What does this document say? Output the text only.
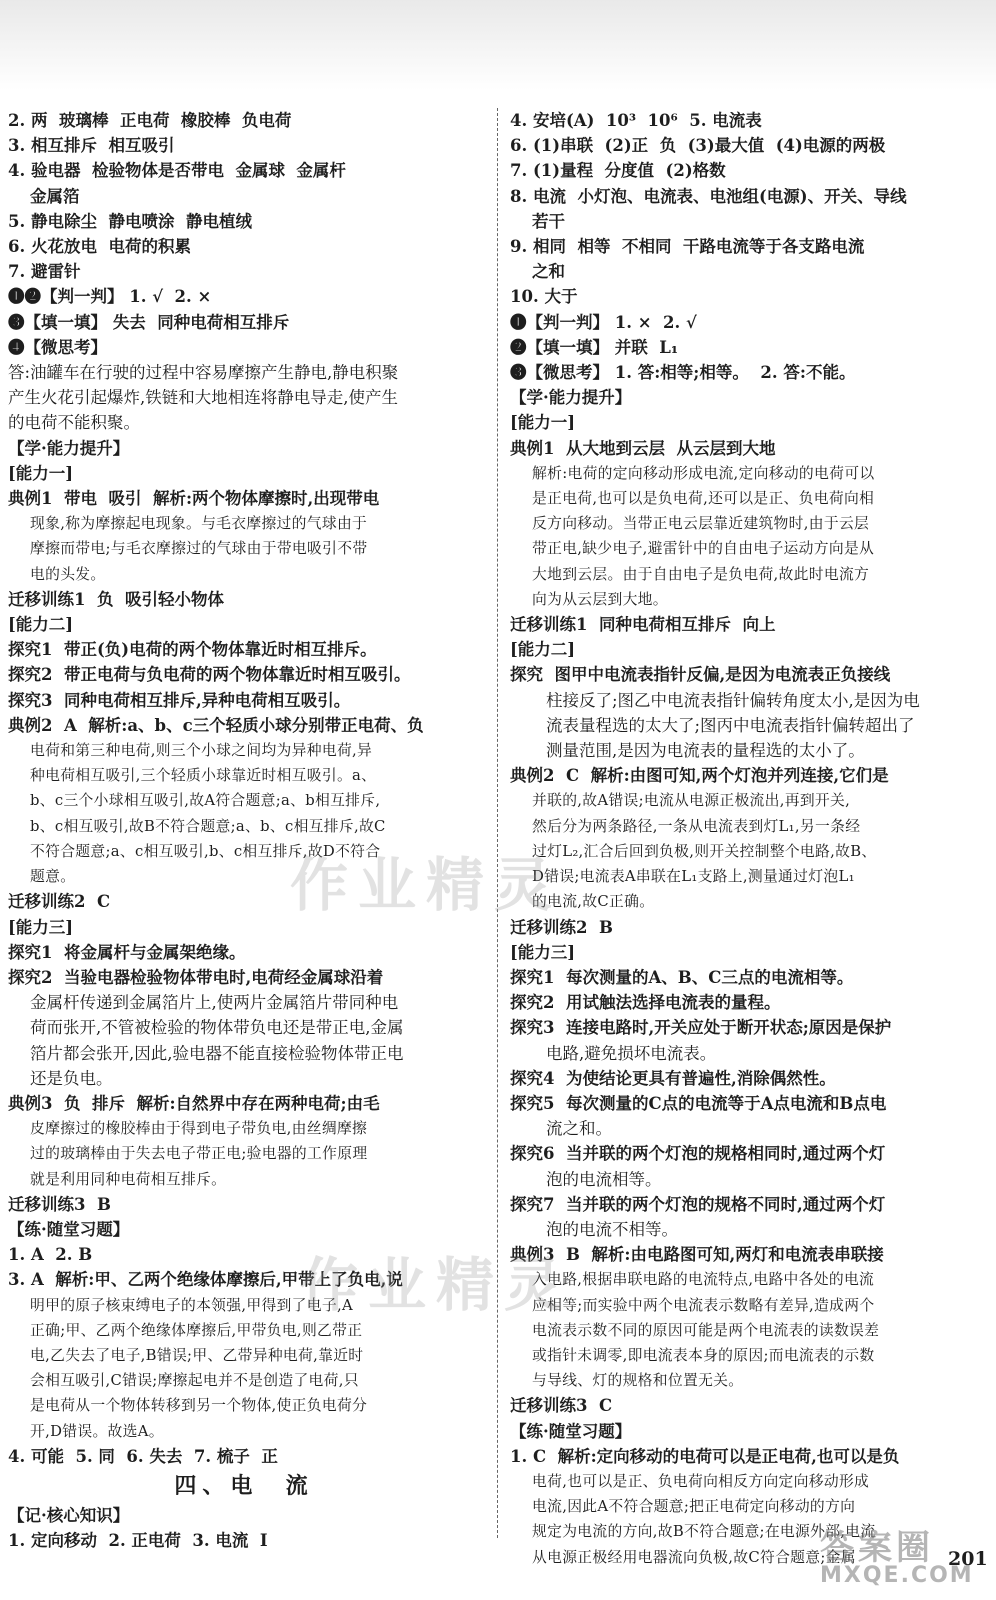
2. 两  玻璃棒  正电荷  橡胶棒  负电荷
3. 相互排斥  相互吸引
4. 验电器  检验物体是否带电  金属球  金属杆
金属箔
5. 静电除尘  静电喷涂  静电植绒
6. 火花放电  电荷的积累
7. 避雷针
❶❷【判一判】 1. √  2. ×
❸【填一填】 失去  同种电荷相互排斥
❹【微思考】
答:油罐车在行驶的过程中容易摩擦产生静电,静电积聚
产生火花引起爆炸,铁链和大地相连将静电导走,使产生
的电荷不能积聚。
【学·能力提升】
[能力一]
典例1  带电  吸引  解析:两个物体摩擦时,出现带电
现象,称为摩擦起电现象。与毛衣摩擦过的气球由于
摩擦而带电;与毛衣摩擦过的气球由于带电吸引不带
电的头发。
迁移训练1  负  吸引轻小物体
[能力二]
探究1  带正(负)电荷的两个物体靠近时相互排斥。
探究2  带正电荷与负电荷的两个物体靠近时相互吸引。
探究3  同种电荷相互排斥,异种电荷相互吸引。
典例2  A  解析:a、b、c三个轻质小球分别带正电荷、负
电荷和第三种电荷,则三个小球之间均为异种电荷,异
种电荷相互吸引,三个轻质小球靠近时相互吸引。a、
b、c三个小球相互吸引,故A符合题意;a、b相互排斥,
b、c相互吸引,故B不符合题意;a、b、c相互排斥,故C
不符合题意;a、c相互吸引,b、c相互排斥,故D不符合
题意。
迁移训练2  C
[能力三]
探究1  将金属杆与金属架绝缘。
探究2  当验电器检验物体带电时,电荷经金属球沿着
金属杆传递到金属箔片上,使两片金属箔片带同种电
荷而张开,不管被检验的物体带负电还是带正电,金属
箔片都会张开,因此,验电器不能直接检验物体带正电
还是负电。
典例3  负  排斥  解析:自然界中存在两种电荷;由毛
皮摩擦过的橡胶棒由于得到电子带负电,由丝绸摩擦
过的玻璃棒由于失去电子带正电;验电器的工作原理
就是利用同种电荷相互排斥。
迁移训练3  B
【练·随堂习题】
1. A  2. B
3. A  解析:甲、乙两个绝缘体摩擦后,甲带上了负电,说
明甲的原子核束缚电子的本领强,甲得到了电子,A
正确;甲、乙两个绝缘体摩擦后,甲带负电,则乙带正
电,乙失去了电子,B错误;甲、乙带异种电荷,靠近时
会相互吸引,C错误;摩擦起电并不是创造了电荷,只
是电荷从一个物体转移到另一个物体,使正负电荷分
开,D错误。故选A。
4. 可能  5. 同  6. 失去  7. 梳子  正
四、电  流
【记·核心知识】
1. 定向移动  2. 正电荷  3. 电流  I
4. 安培(A)  10³  10⁶  5. 电流表
6. (1)串联  (2)正  负  (3)最大值  (4)电源的两极
7. (1)量程  分度值  (2)格数
8. 电流  小灯泡、电流表、电池组(电源)、开关、导线
若干
9. 相同  相等  不相同  干路电流等于各支路电流
之和
10. 大于
❶【判一判】 1. ×  2. √
❷【填一填】 并联  L₁
❸【微思考】 1. 答:相等;相等。  2. 答:不能。
【学·能力提升】
[能力一]
典例1  从大地到云层  从云层到大地
解析:电荷的定向移动形成电流,定向移动的电荷可以
是正电荷,也可以是负电荷,还可以是正、负电荷向相
反方向移动。当带正电云层靠近建筑物时,由于云层
带正电,缺少电子,避雷针中的自由电子运动方向是从
大地到云层。由于自由电子是负电荷,故此时电流方
向为从云层到大地。
迁移训练1  同种电荷相互排斥  向上
[能力二]
探究  图甲中电流表指针反偏,是因为电流表正负接线
柱接反了;图乙中电流表指针偏转角度太小,是因为电
流表量程选的太大了;图丙中电流表指针偏转超出了
测量范围,是因为电流表的量程选的太小了。
典例2  C  解析:由图可知,两个灯泡并列连接,它们是
并联的,故A错误;电流从电源正极流出,再到开关,
然后分为两条路径,一条从电流表到灯L₁,另一条经
过灯L₂,汇合后回到负极,则开关控制整个电路,故B、
D错误;电流表A串联在L₁支路上,测量通过灯泡L₁
的电流,故C正确。
迁移训练2  B
[能力三]
探究1  每次测量的A、B、C三点的电流相等。
探究2  用试触法选择电流表的量程。
探究3  连接电路时,开关应处于断开状态;原因是保护
电路,避免损坏电流表。
探究4  为使结论更具有普遍性,消除偶然性。
探究5  每次测量的C点的电流等于A点电流和B点电
流之和。
探究6  当并联的两个灯泡的规格相同时,通过两个灯
泡的电流相等。
探究7  当并联的两个灯泡的规格不同时,通过两个灯
泡的电流不相等。
典例3  B  解析:由电路图可知,两灯和电流表串联接
入电路,根据串联电路的电流特点,电路中各处的电流
应相等;而实验中两个电流表示数略有差异,造成两个
电流表示数不同的原因可能是两个电流表的读数误差
或指针未调零,即电流表本身的原因;而电流表的示数
与导线、灯的规格和位置无关。
迁移训练3  C
【练·随堂习题】
1. C  解析:定向移动的电荷可以是正电荷,也可以是负
电荷,也可以是正、负电荷向相反方向定向移动形成
电流,因此A不符合题意;把正电荷定向移动的方向
规定为电流的方向,故B不符合题意;在电源外部,电流
从电源正极经用电器流向负极,故C符合题意;金属
作业精灵
作业精灵
答案圈
MXQE.COM
201
